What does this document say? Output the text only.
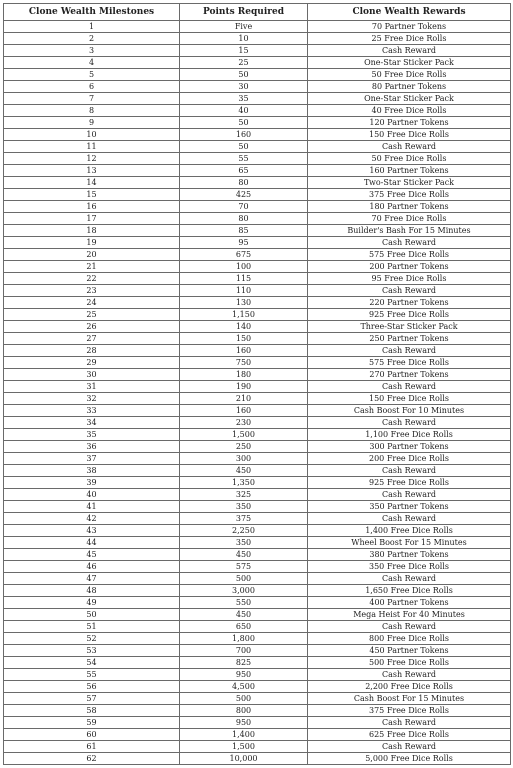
Clone Wealth Milestones	Points Required	Clone Wealth Rewards
1	Five	70 Partner Tokens
2	10	25 Free Dice Rolls
3	15	Cash Reward
4	25	One-Star Sticker Pack
5	50	50 Free Dice Rolls
6	30	80 Partner Tokens
7	35	One-Star Sticker Pack
8	40	40 Free Dice Rolls
9	50	120 Partner Tokens
10	160	150 Free Dice Rolls
11	50	Cash Reward
12	55	50 Free Dice Rolls
13	65	160 Partner Tokens
14	80	Two-Star Sticker Pack
15	425	375 Free Dice Rolls
16	70	180 Partner Tokens
17	80	70 Free Dice Rolls
18	85	Builder's Bash For 15 Minutes
19	95	Cash Reward
20	675	575 Free Dice Rolls
21	100	200 Partner Tokens
22	115	95 Free Dice Rolls
23	110	Cash Reward
24	130	220 Partner Tokens
25	1,150	925 Free Dice Rolls
26	140	Three-Star Sticker Pack
27	150	250 Partner Tokens
28	160	Cash Reward
29	750	575 Free Dice Rolls
30	180	270 Partner Tokens
31	190	Cash Reward
32	210	150 Free Dice Rolls
33	160	Cash Boost For 10 Minutes
34	230	Cash Reward
35	1,500	1,100 Free Dice Rolls
36	250	300 Partner Tokens
37	300	200 Free Dice Rolls
38	450	Cash Reward
39	1,350	925 Free Dice Rolls
40	325	Cash Reward
41	350	350 Partner Tokens
42	375	Cash Reward
43	2,250	1,400 Free Dice Rolls
44	350	Wheel Boost For 15 Minutes
45	450	380 Partner Tokens
46	575	350 Free Dice Rolls
47	500	Cash Reward
48	3,000	1,650 Free Dice Rolls
49	550	400 Partner Tokens
50	450	Mega Heist For 40 Minutes
51	650	Cash Reward
52	1,800	800 Free Dice Rolls
53	700	450 Partner Tokens
54	825	500 Free Dice Rolls
55	950	Cash Reward
56	4,500	2,200 Free Dice Rolls
57	500	Cash Boost For 15 Minutes
58	800	375 Free Dice Rolls
59	950	Cash Reward
60	1,400	625 Free Dice Rolls
61	1,500	Cash Reward
62	10,000	5,000 Free Dice Rolls
